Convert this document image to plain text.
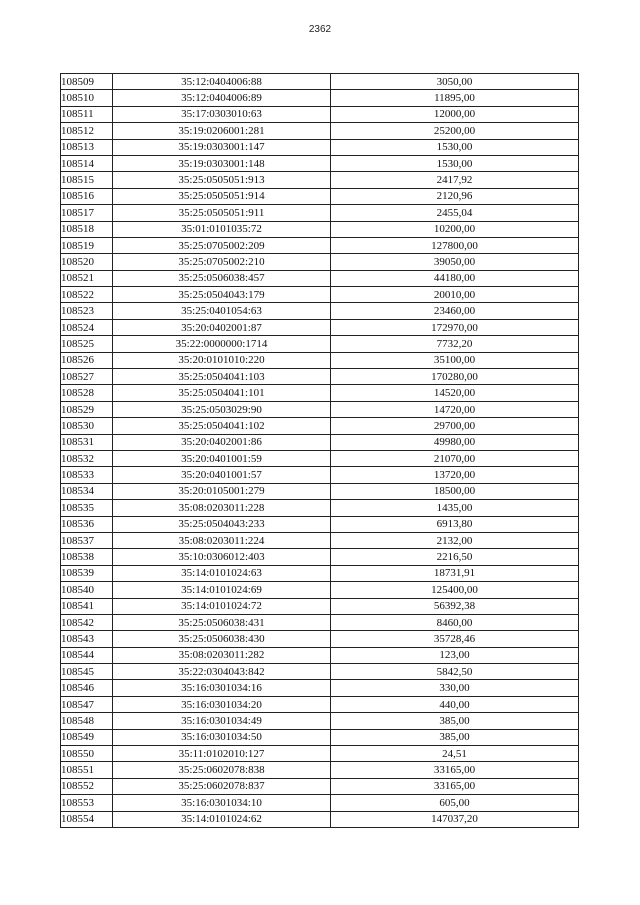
2362
108509	35:12:0404006:88	3050,00
108510	35:12:0404006:89	11895,00
108511	35:17:0303010:63	12000,00
108512	35:19:0206001:281	25200,00
108513	35:19:0303001:147	1530,00
108514	35:19:0303001:148	1530,00
108515	35:25:0505051:913	2417,92
108516	35:25:0505051:914	2120,96
108517	35:25:0505051:911	2455,04
108518	35:01:0101035:72	10200,00
108519	35:25:0705002:209	127800,00
108520	35:25:0705002:210	39050,00
108521	35:25:0506038:457	44180,00
108522	35:25:0504043:179	20010,00
108523	35:25:0401054:63	23460,00
108524	35:20:0402001:87	172970,00
108525	35:22:0000000:1714	7732,20
108526	35:20:0101010:220	35100,00
108527	35:25:0504041:103	170280,00
108528	35:25:0504041:101	14520,00
108529	35:25:0503029:90	14720,00
108530	35:25:0504041:102	29700,00
108531	35:20:0402001:86	49980,00
108532	35:20:0401001:59	21070,00
108533	35:20:0401001:57	13720,00
108534	35:20:0105001:279	18500,00
108535	35:08:0203011:228	1435,00
108536	35:25:0504043:233	6913,80
108537	35:08:0203011:224	2132,00
108538	35:10:0306012:403	2216,50
108539	35:14:0101024:63	18731,91
108540	35:14:0101024:69	125400,00
108541	35:14:0101024:72	56392,38
108542	35:25:0506038:431	8460,00
108543	35:25:0506038:430	35728,46
108544	35:08:0203011:282	123,00
108545	35:22:0304043:842	5842,50
108546	35:16:0301034:16	330,00
108547	35:16:0301034:20	440,00
108548	35:16:0301034:49	385,00
108549	35:16:0301034:50	385,00
108550	35:11:0102010:127	24,51
108551	35:25:0602078:838	33165,00
108552	35:25:0602078:837	33165,00
108553	35:16:0301034:10	605,00
108554	35:14:0101024:62	147037,20
